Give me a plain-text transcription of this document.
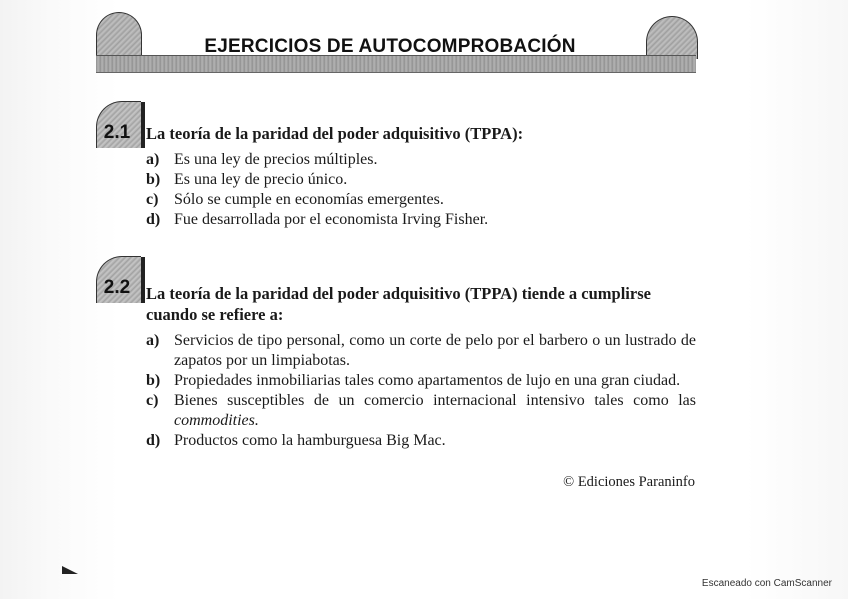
EJERCICIOS DE AUTOCOMPROBACIÓN
2.1 La teoría de la paridad del poder adquisitivo (TPPA):
a) Es una ley de precios múltiples.
b) Es una ley de precio único.
c) Sólo se cumple en economías emergentes.
d) Fue desarrollada por el economista Irving Fisher.
2.2 La teoría de la paridad del poder adquisitivo (TPPA) tiende a cumplirse cuando se refiere a:
a) Servicios de tipo personal, como un corte de pelo por el barbero o un lustrado de zapatos por un limpiabotas.
b) Propiedades inmobiliarias tales como apartamentos de lujo en una gran ciudad.
c) Bienes susceptibles de un comercio internacional intensivo tales como las commodities.
d) Productos como la hamburguesa Big Mac.
© Ediciones Paraninfo
Escaneado con CamScanner
